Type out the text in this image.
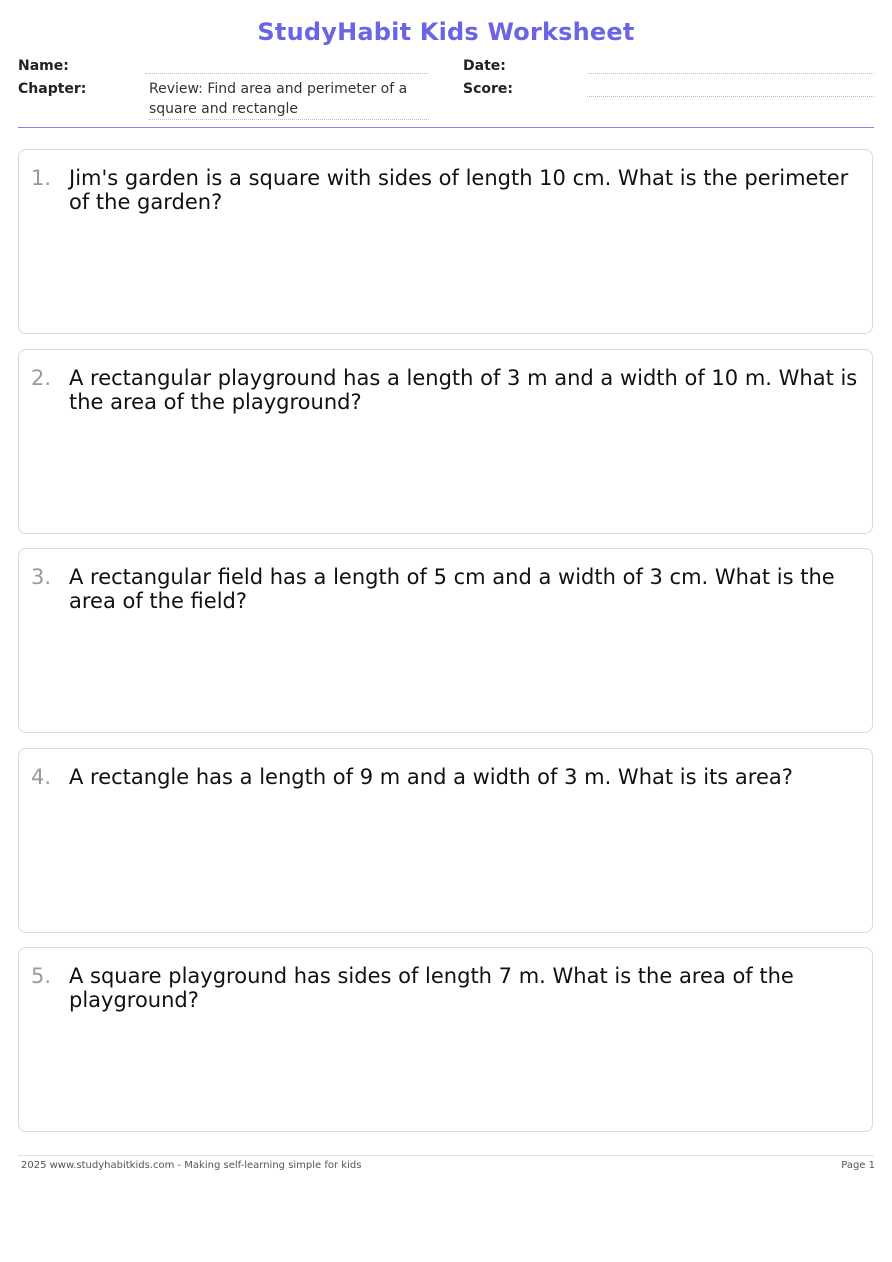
StudyHabit Kids Worksheet
Name:	Date:
Chapter:	Review: Find area and perimeter of a square and rectangle
Score:
1. Jim's garden is a square with sides of length 10 cm. What is the perimeter of the garden?
2. A rectangular playground has a length of 3 m and a width of 10 m. What is the area of the playground?
3. A rectangular field has a length of 5 cm and a width of 3 cm. What is the area of the field?
4. A rectangle has a length of 9 m and a width of 3 m. What is its area?
5. A square playground has sides of length 7 m. What is the area of the playground?
2025 www.studyhabitkids.com - Making self-learning simple for kids	Page 1
